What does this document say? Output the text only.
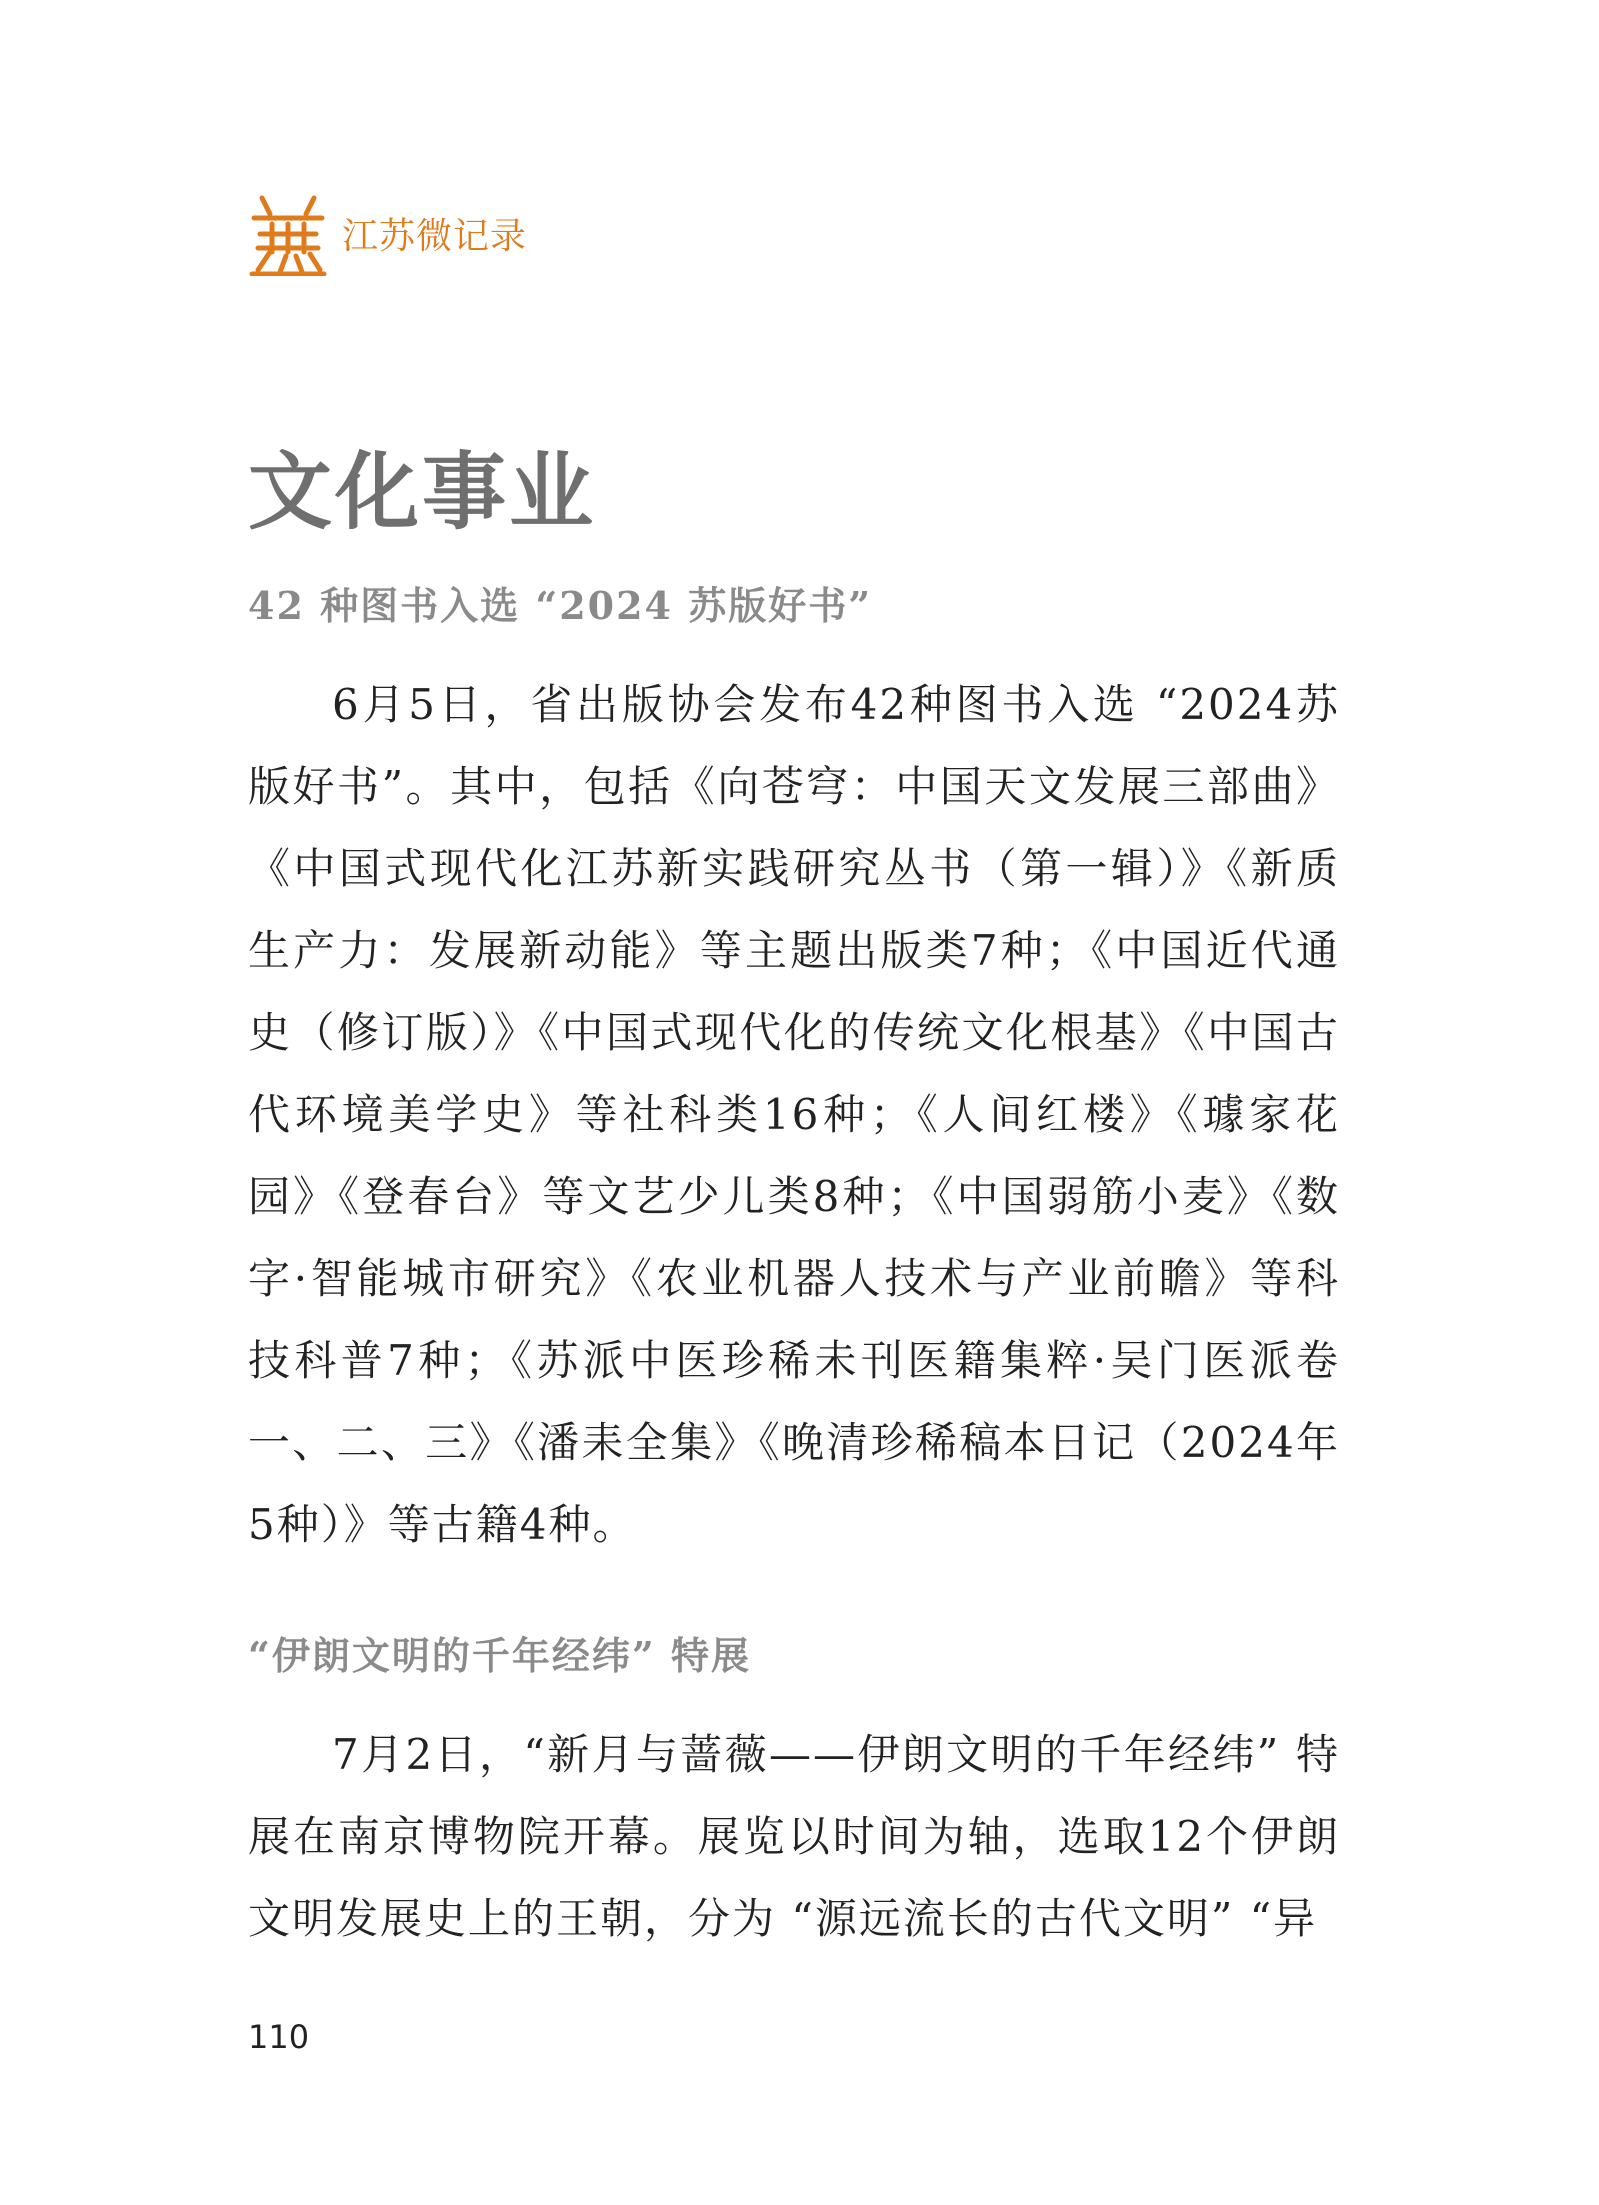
江苏微记录
文化事业
42 种图书入选 “2024 苏版好书”

6月5日，省出版协会发布42种图书入选 “2024苏版好书”。其中，包括《向苍穹：中国天文发展三部曲》《中国式现代化江苏新实践研究丛书（第一辑）》《新质生产力：发展新动能》等主题出版类7种；《中国近代通史（修订版）》《中国式现代化的传统文化根基》《中国古代环境美学史》等社科类16种；《人间红楼》《璩家花园》《登春台》等文艺少儿类8种；《中国弱筋小麦》《数字·智能城市研究》《农业机器人技术与产业前瞻》等科技科普7种；《苏派中医珍稀未刊医籍集粹·吴门医派卷一、二、三》《潘耒全集》《晚清珍稀稿本日记（2024年5种）》等古籍4种。

“伊朗文明的千年经纬” 特展

7月2日，“新月与蔷薇——伊朗文明的千年经纬” 特展在南京博物院开幕。展览以时间为轴，选取12个伊朗文明发展史上的王朝，分为 “源远流长的古代文明” “异

110
